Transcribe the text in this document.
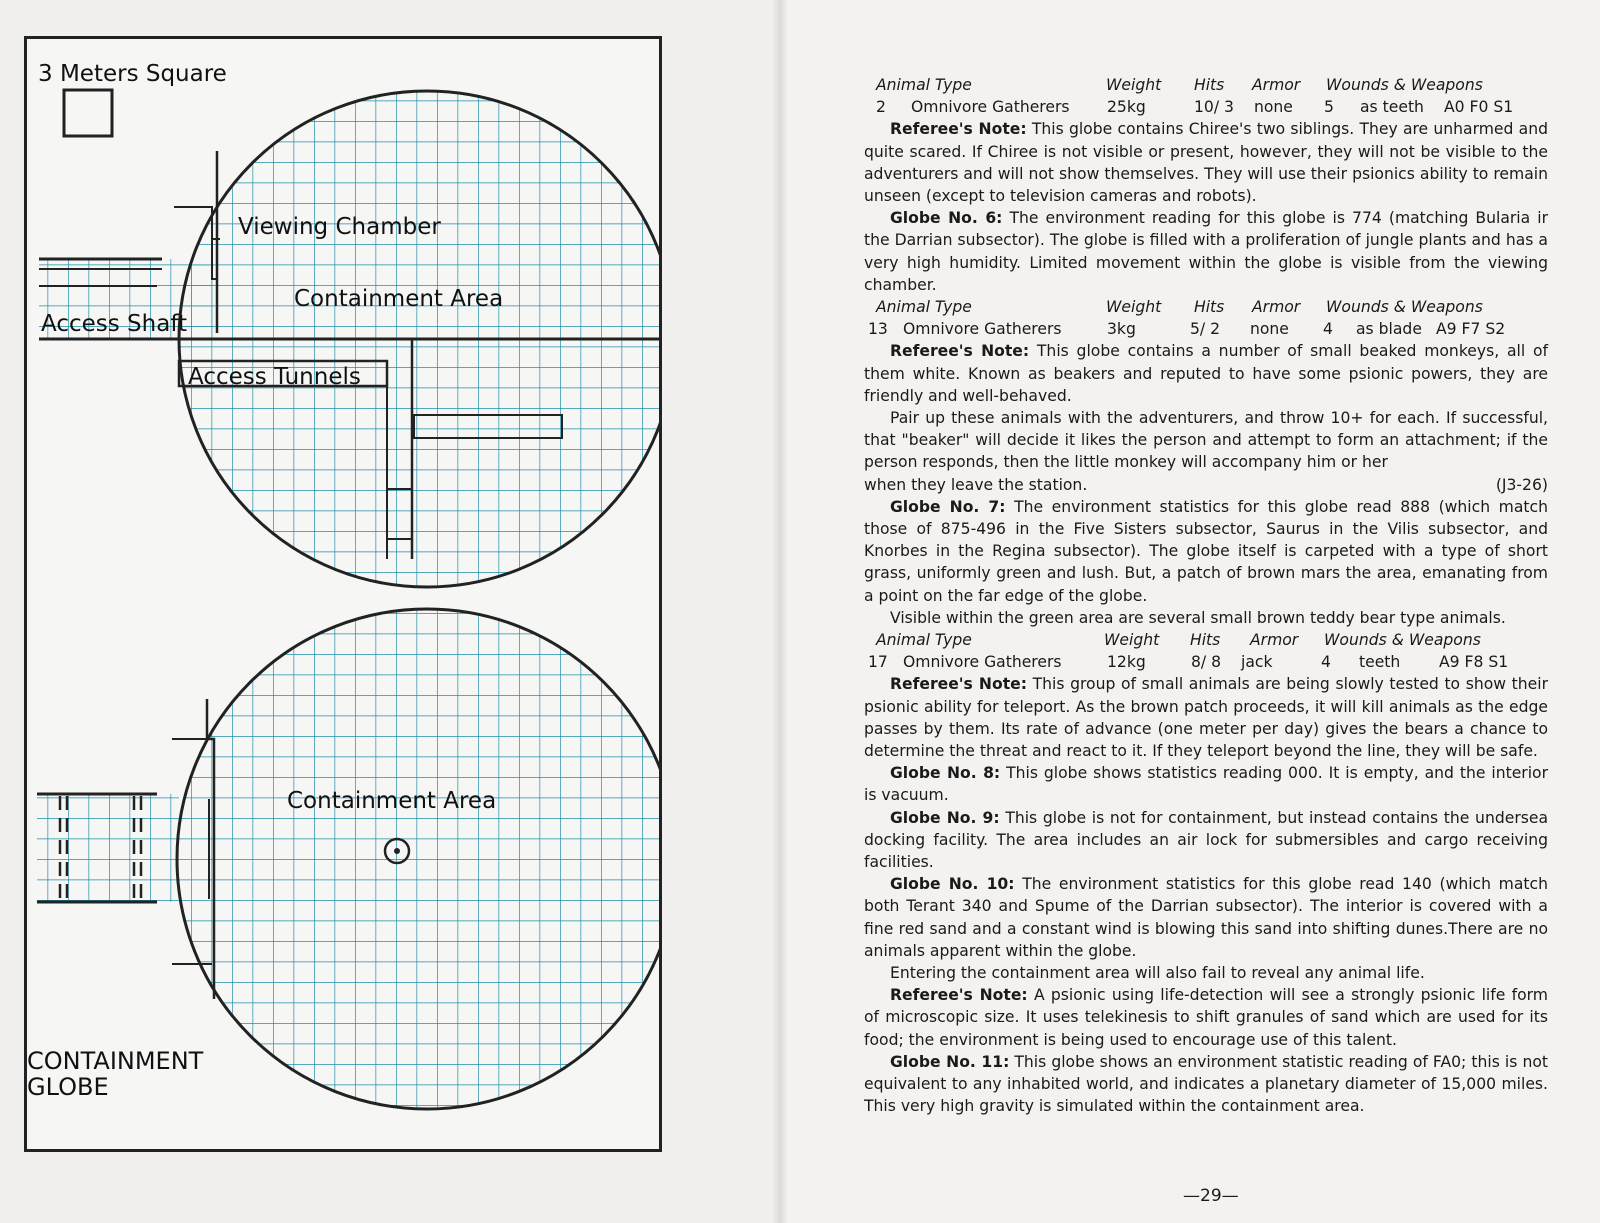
3 Meters Square
Viewing Chamber
Containment Area
Access Shaft
Access Tunnels
Containment Area
CONTAINMENT
GLOBE
Animal Type	Weight	Hits	Armor	Wounds & Weapons
2	Omnivore Gatherers	25kg	10/ 3	none	5	as teeth	A0 F0 S1

Referee's Note: This globe contains Chiree's two siblings. They are unharmed and quite scared. If Chiree is not visible or present, however, they will not be visible to the adventurers and will not show themselves. They will use their psionics ability to remain unseen (except to television cameras and robots).

Globe No. 6: The environment reading for this globe is 774 (matching Bularia ir the Darrian subsector). The globe is filled with a proliferation of jungle plants and has a very high humidity. Limited movement within the globe is visible from the viewing chamber.

Animal Type	Weight	Hits	Armor	Wounds & Weapons
13 Omnivore Gatherers	3kg	5/ 2	none	4	as blade A9 F7 S2

Referee's Note: This globe contains a number of small beaked monkeys, all of them white. Known as beakers and reputed to have some psionic powers, they are friendly and well-behaved.

Pair up these animals with the adventurers, and throw 10+ for each. If successful, that "beaker" will decide it likes the person and attempt to form an attachment; if the person responds, then the little monkey will accompany him or her

when they leave the station.	(J3-26)

Globe No. 7: The environment statistics for this globe read 888 (which match those of 875-496 in the Five Sisters subsector, Saurus in the Vilis subsector, and Knorbes in the Regina subsector). The globe itself is carpeted with a type of short grass, uniformly green and lush. But, a patch of brown mars the area, emanating from a point on the far edge of the globe.

Visible within the green area are several small brown teddy bear type animals.

Animal Type	Weight	Hits	Armor	Wounds & Weapons
17 Omnivore Gatherers	12kg	8/ 8	jack	4	teeth	A9 F8 S1

Referee's Note: This group of small animals are being slowly tested to show their psionic ability for teleport. As the brown patch proceeds, it will kill animals as the edge passes by them. Its rate of advance (one meter per day) gives the bears a chance to determine the threat and react to it. If they teleport beyond the line, they will be safe.

Globe No. 8: This globe shows statistics reading 000. It is empty, and the interior is vacuum.

Globe No. 9: This globe is not for containment, but instead contains the undersea docking facility. The area includes an air lock for submersibles and cargo receiving facilities.

Globe No. 10: The environment statistics for this globe read 140 (which match both Terant 340 and Spume of the Darrian subsector). The interior is covered with a fine red sand and a constant wind is blowing this sand into shifting dunes.There are no animals apparent within the globe.

Entering the containment area will also fail to reveal any animal life.

Referee's Note: A psionic using life-detection will see a strongly psionic life form of microscopic size. It uses telekinesis to shift granules of sand which are used for its food; the environment is being used to encourage use of this talent.

Globe No. 11: This globe shows an environment statistic reading of FA0; this is not equivalent to any inhabited world, and indicates a planetary diameter of 15,000 miles. This very high gravity is simulated within the containment area.

—29—
